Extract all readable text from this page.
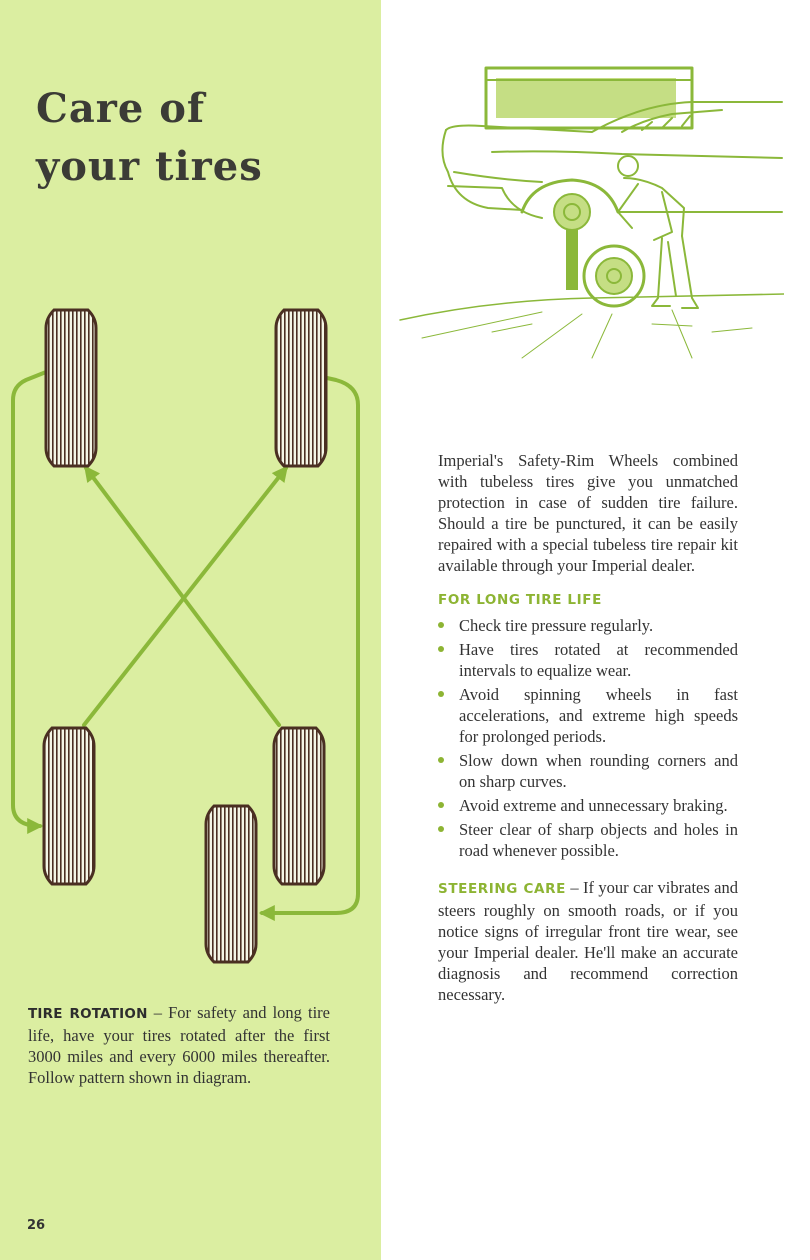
Care of
your tires

TIRE ROTATION – For safety and long tire life, have your tires rotated after the first 3000 miles and every 6000 miles thereafter. Follow pattern shown in diagram.

26

Imperial's Safety-Rim Wheels combined with tubeless tires give you unmatched protection in case of sudden tire failure. Should a tire be punctured, it can be easily repaired with a special tubeless tire repair kit available through your Imperial dealer.

FOR LONG TIRE LIFE
Check tire pressure regularly.
Have tires rotated at recommended intervals to equalize wear.
Avoid spinning wheels in fast accelerations, and extreme high speeds for prolonged periods.
Slow down when rounding corners and on sharp curves.
Avoid extreme and unnecessary braking.
Steer clear of sharp objects and holes in road whenever possible.

STEERING CARE – If your car vibrates and steers roughly on smooth roads, or if you notice signs of irregular front tire wear, see your Imperial dealer. He'll make an accurate diagnosis and recommend correction necessary.
